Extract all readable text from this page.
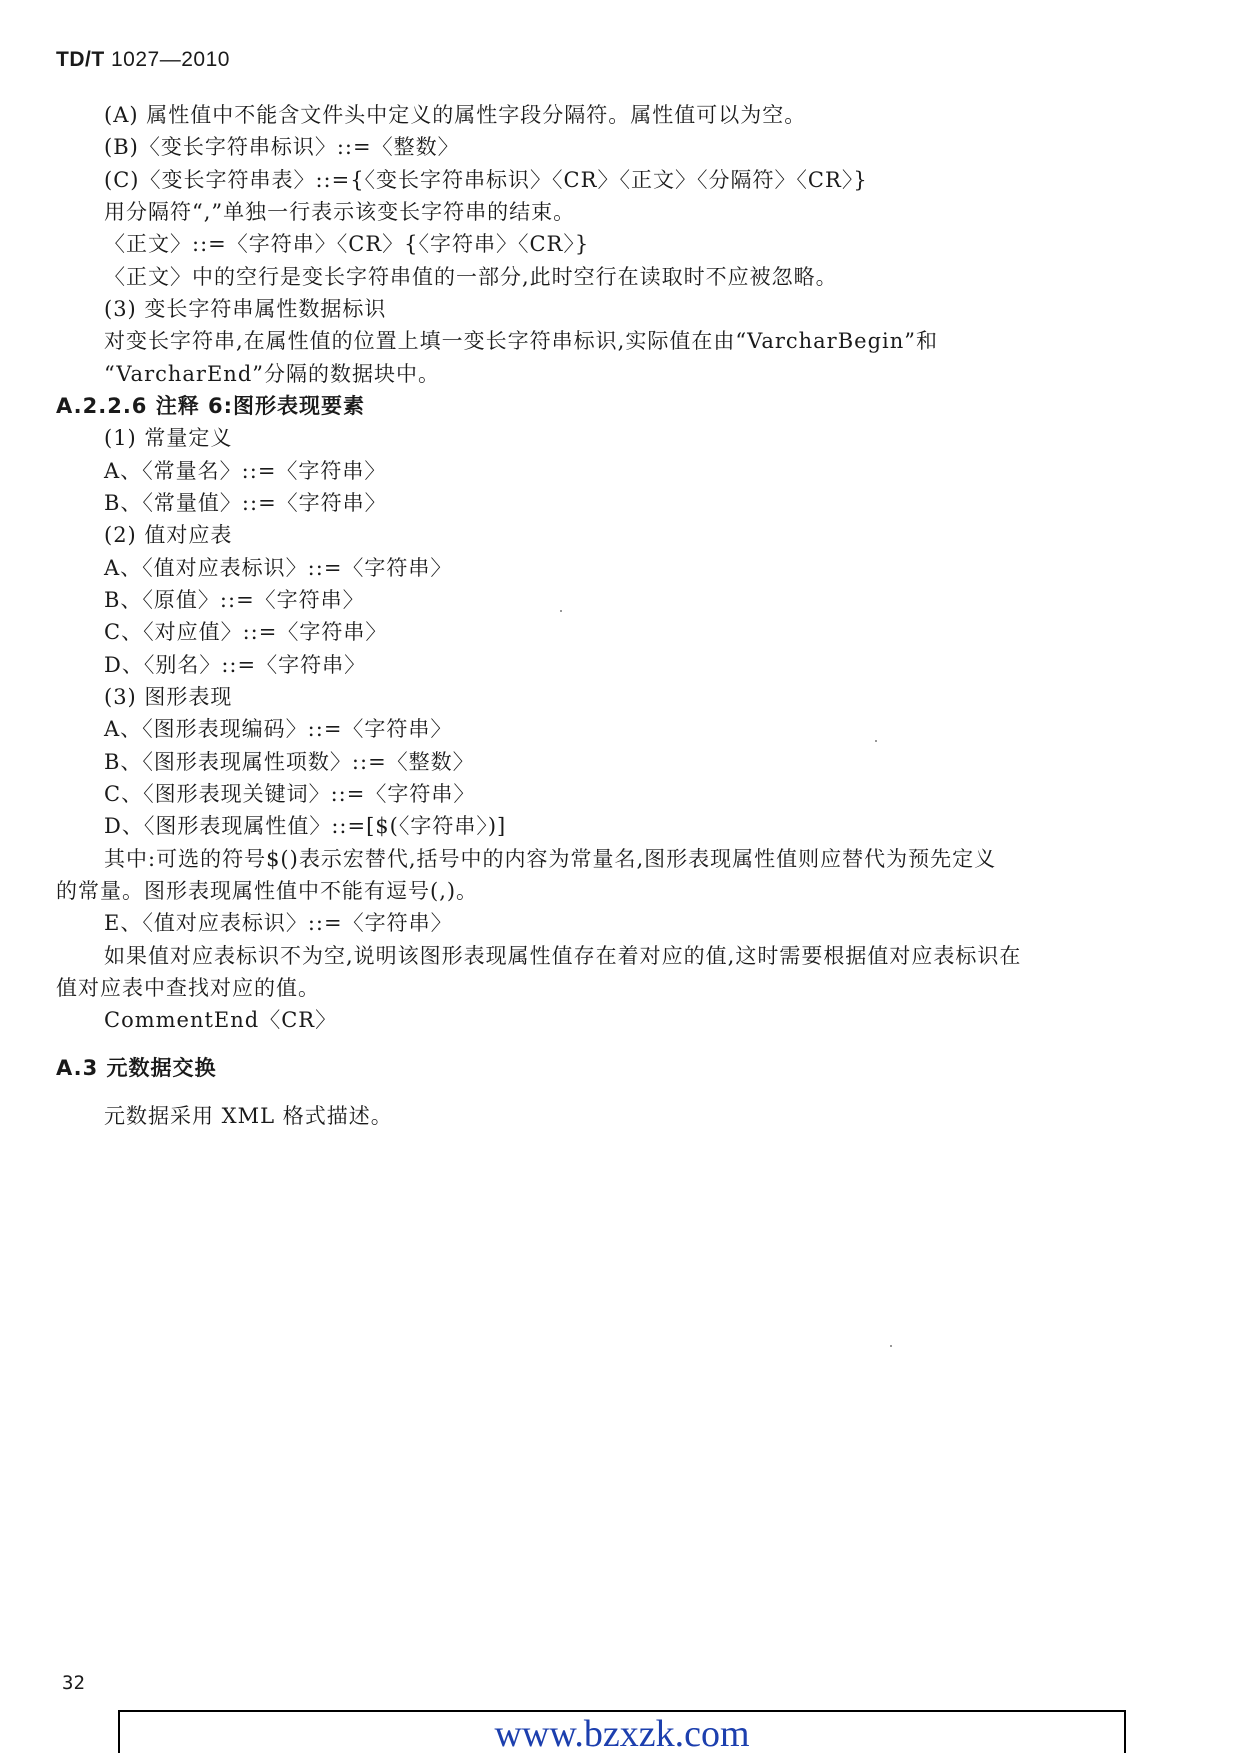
TD/T 1027—2010
(A) 属性值中不能含文件头中定义的属性字段分隔符。属性值可以为空。
(B)〈变长字符串标识〉::=〈整数〉
(C)〈变长字符串表〉::={〈变长字符串标识〉〈CR〉〈正文〉〈分隔符〉〈CR〉}
用分隔符“,”单独一行表示该变长字符串的结束。
〈正文〉::=〈字符串〉〈CR〉{〈字符串〉〈CR〉}
〈正文〉中的空行是变长字符串值的一部分,此时空行在读取时不应被忽略。
(3) 变长字符串属性数据标识
对变长字符串,在属性值的位置上填一变长字符串标识,实际值在由“VarcharBegin”和
“VarcharEnd”分隔的数据块中。
A.2.2.6 注释 6:图形表现要素
(1) 常量定义
A、〈常量名〉::=〈字符串〉
B、〈常量值〉::=〈字符串〉
(2) 值对应表
A、〈值对应表标识〉::=〈字符串〉
B、〈原值〉::=〈字符串〉
C、〈对应值〉::=〈字符串〉
D、〈别名〉::=〈字符串〉
(3) 图形表现
A、〈图形表现编码〉::=〈字符串〉
B、〈图形表现属性项数〉::=〈整数〉
C、〈图形表现关键词〉::=〈字符串〉
D、〈图形表现属性值〉::=[$(〈字符串〉)]
其中:可选的符号$()表示宏替代,括号中的内容为常量名,图形表现属性值则应替代为预先定义
的常量。图形表现属性值中不能有逗号(,)。
E、〈值对应表标识〉::=〈字符串〉
如果值对应表标识不为空,说明该图形表现属性值存在着对应的值,这时需要根据值对应表标识在
值对应表中查找对应的值。
CommentEnd〈CR〉
A.3 元数据交换
元数据采用 XML 格式描述。
32
www.bzxzk.com
